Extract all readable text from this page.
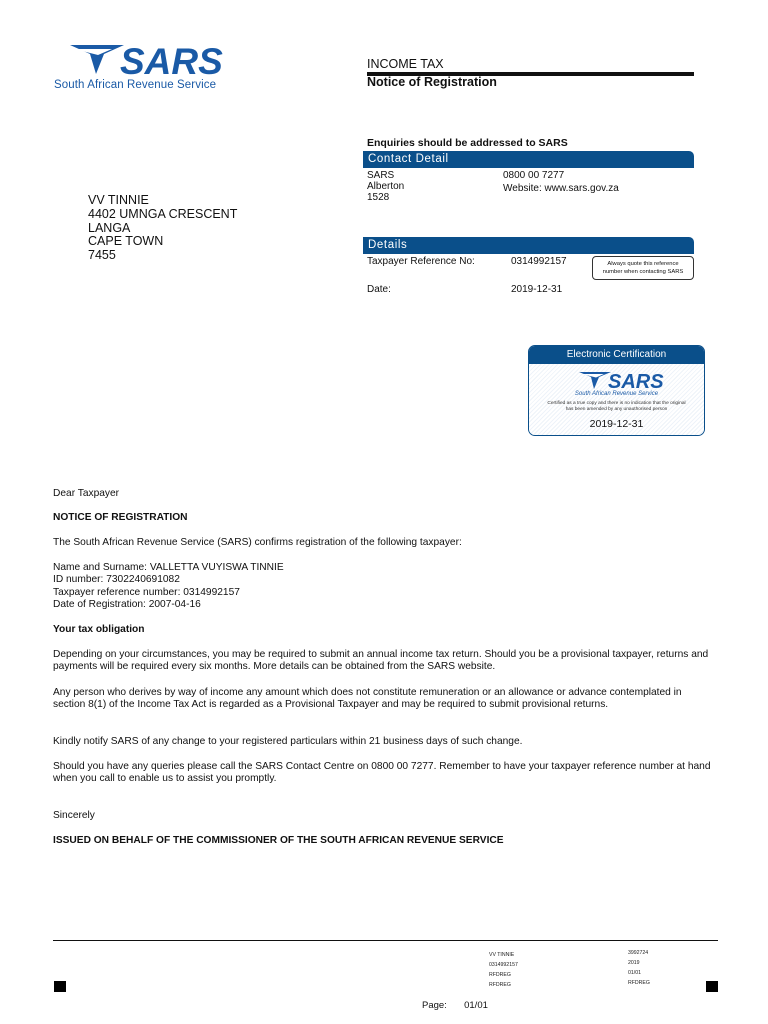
SARS
South African Revenue Service
INCOME TAX
Notice of Registration
Enquiries should be addressed to SARS
Contact Detail
SARS
Alberton
1528
0800 00 7277
Website: www.sars.gov.za
VV TINNIE
4402 UMNGA CRESCENT
LANGA
CAPE TOWN
7455
Details
Taxpayer Reference No:	0314992157	Always quote this reference
number when contacting SARS
Date:	2019-12-31
Electronic Certification
SARS
South African Revenue Service
Certified as a true copy and there is no indication that the original
has been amended by any unauthorised person
2019-12-31
Dear Taxpayer
NOTICE OF REGISTRATION
The South African Revenue Service (SARS) confirms registration of the following taxpayer:
Name and Surname: VALLETTA VUYISWA TINNIE
ID number: 7302240691082
Taxpayer reference number: 0314992157
Date of Registration: 2007-04-16
Your tax obligation
Depending on your circumstances, you may be required to submit an annual income tax return. Should you be a provisional taxpayer, returns and payments will be required every six months. More details can be obtained from the SARS website.
Any person who derives by way of income any amount which does not constitute remuneration or an allowance or advance contemplated in section 8(1) of the Income Tax Act is regarded as a Provisional Taxpayer and may be required to submit provisional returns.
Kindly notify SARS of any change to your registered particulars within 21 business days of such change.
Should you have any queries please call the SARS Contact Centre on 0800 00 7277. Remember to have your taxpayer reference number at hand when you call to enable us to assist you promptly.
Sincerely
ISSUED ON BEHALF OF THE COMMISSIONER OF THE SOUTH AFRICAN REVENUE SERVICE
VV TINNIE
0314992157
RFDREG
RFDREG
3992724
2019
01/01
RFDREG
Page: 01/01
